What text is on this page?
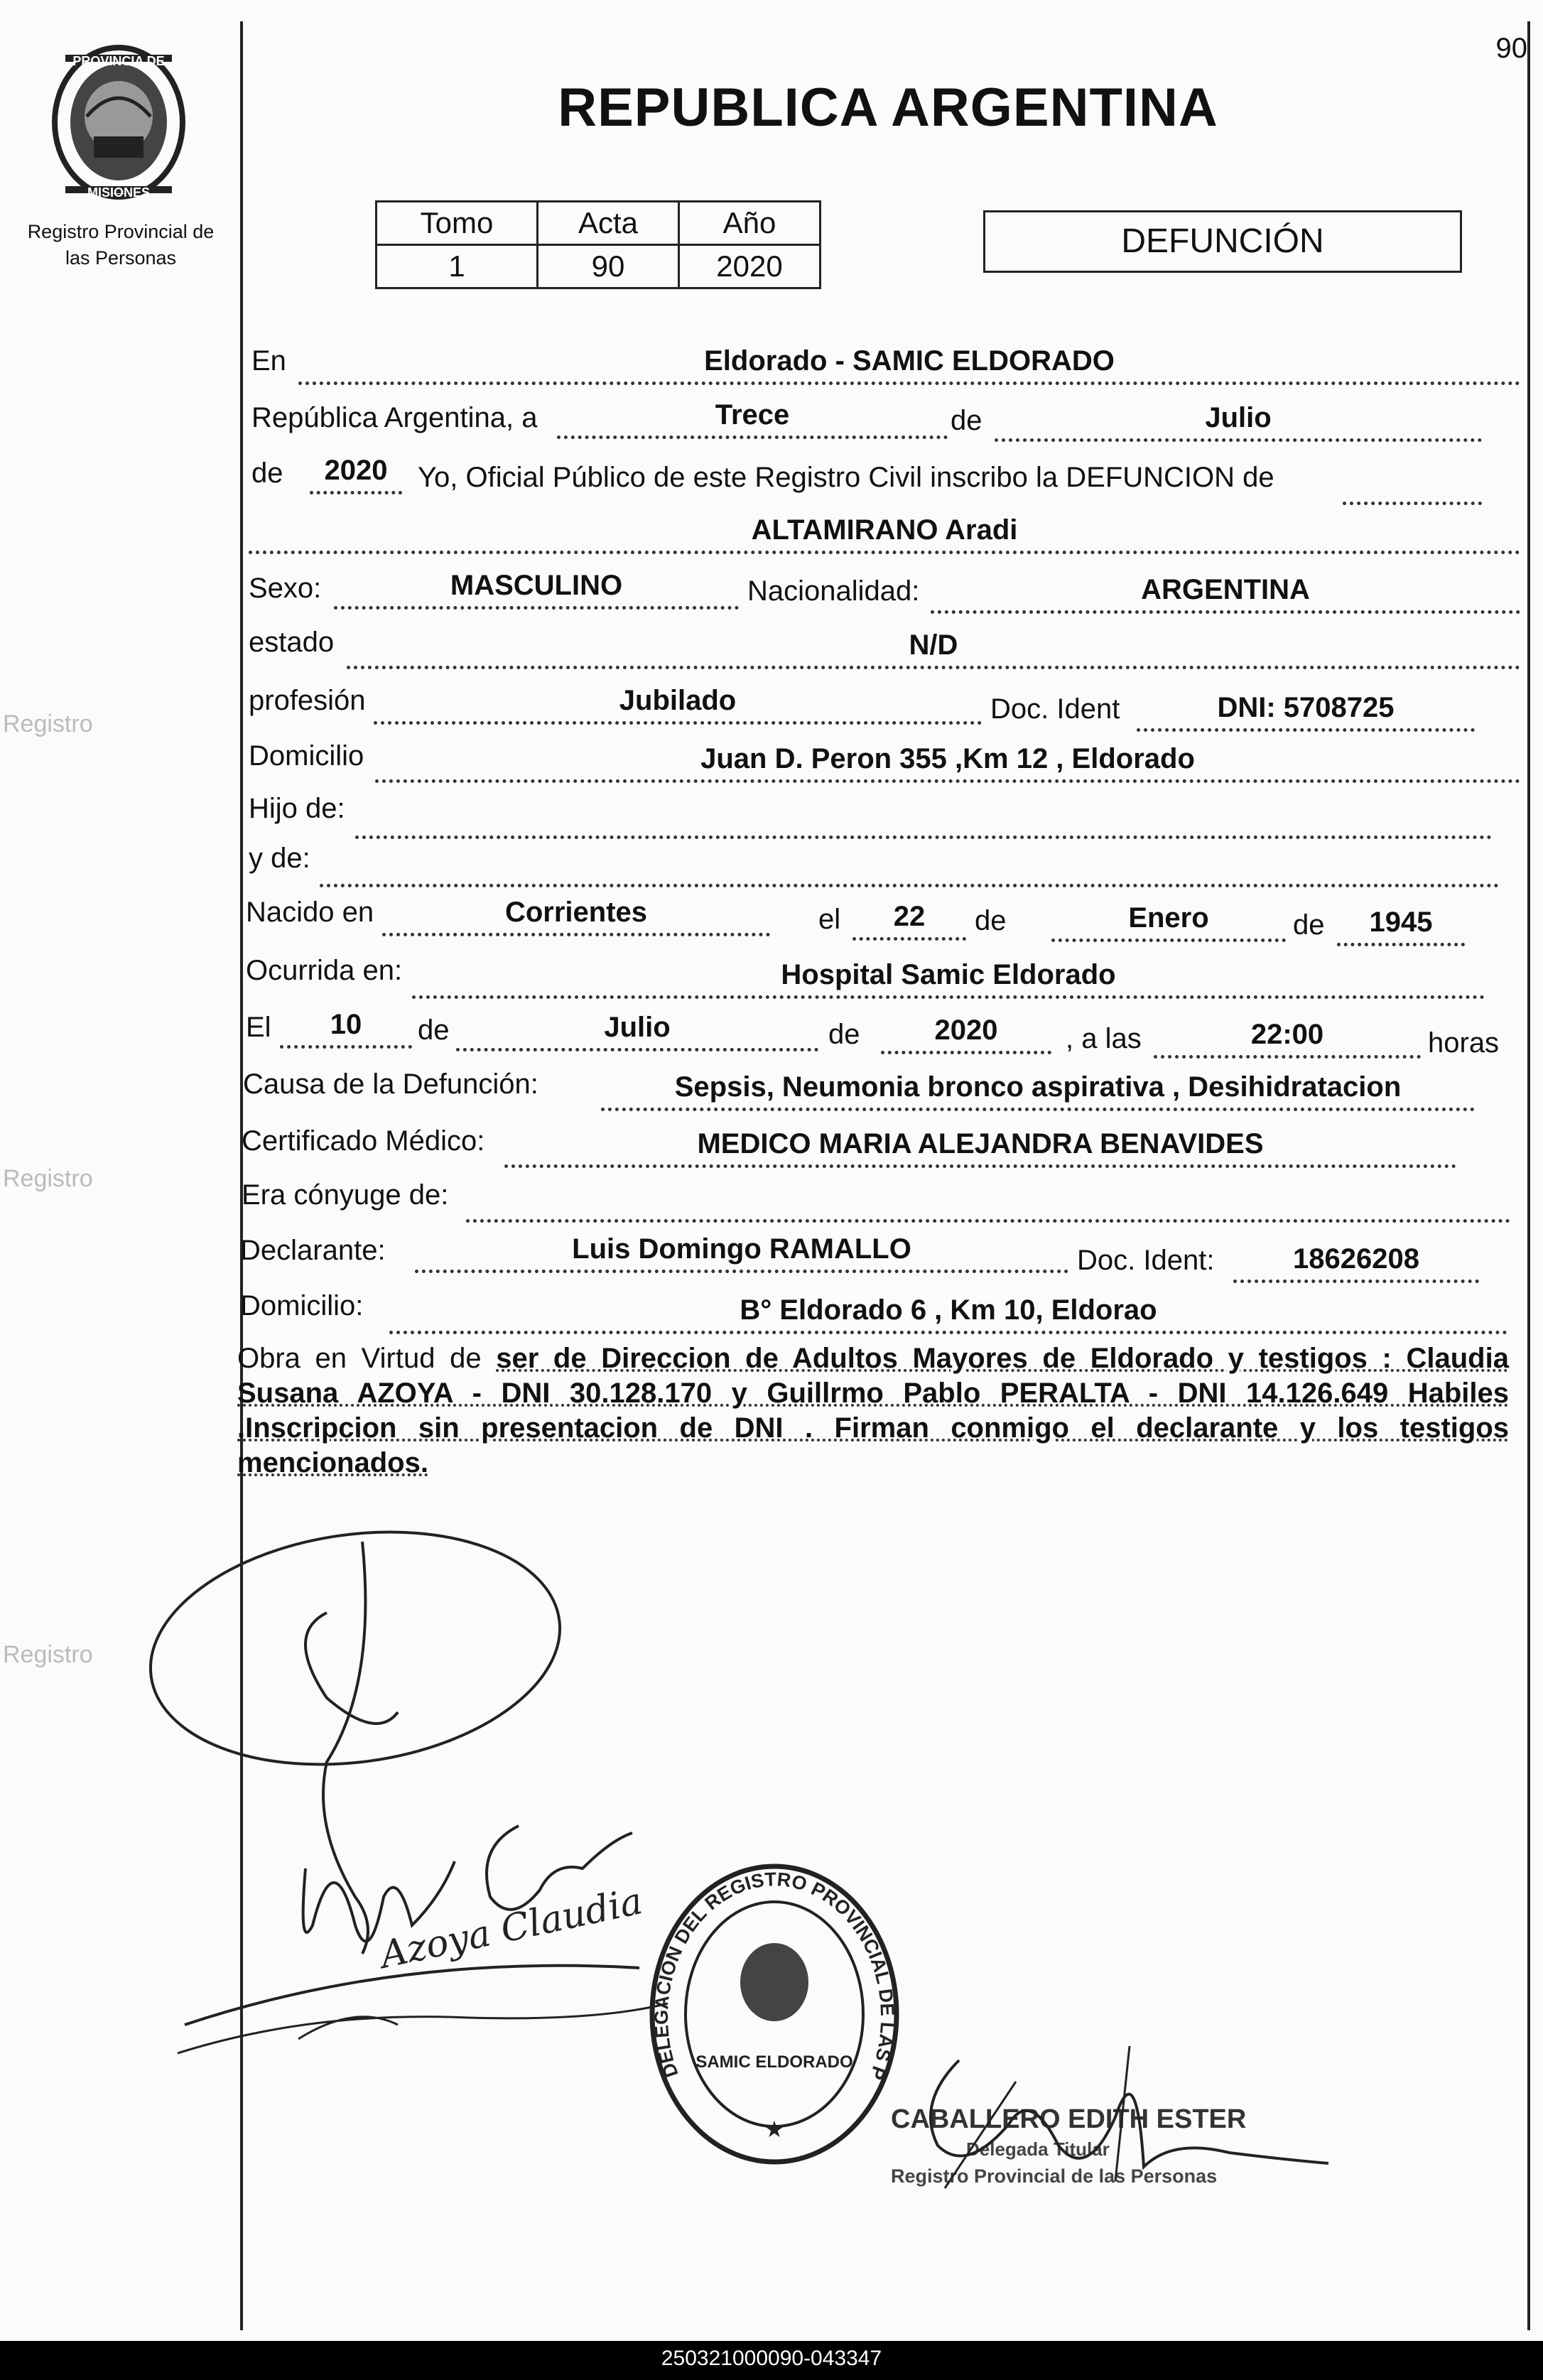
Registro
Registro
Registro
PROVINCIA DE
MISIONES
Registro Provincial de
las Personas
90
REPUBLICA ARGENTINA
Tomo	Acta	Año
1	90	2020
DEFUNCIÓN
En	Eldorado - SAMIC ELDORADO
República Argentina, a	Trece	de	Julio
de	2020	Yo, Oficial Público de este Registro Civil inscribo la DEFUNCION de
ALTAMIRANO Aradi
Sexo:	MASCULINO	Nacionalidad:	ARGENTINA
estado	N/D
profesión	Jubilado	Doc. Ident	DNI: 5708725
Domicilio	Juan D. Peron 355 ,Km 12 , Eldorado
Hijo de:
y de:
Nacido en	Corrientes	el	22	de	Enero	de	1945
Ocurrida en:	Hospital Samic Eldorado
El	10	de	Julio	de	2020	, a las	22:00	horas
Causa de la Defunción:	Sepsis, Neumonia bronco aspirativa , Desihidratacion
Certificado Médico:	MEDICO MARIA ALEJANDRA BENAVIDES
Era cónyuge de:
Declarante:	Luis Domingo RAMALLO	Doc. Ident:	18626208
Domicilio:	B° Eldorado 6 , Km 10, Eldorao
Obra en Virtud de ser de Direccion de Adultos Mayores de Eldorado y testigos : Claudia Susana AZOYA - DNI 30.128.170 y Guillrmo Pablo PERALTA - DNI 14.126.649 Habiles .Inscripcion sin presentacion de DNI . Firman conmigo el declarante y los testigos mencionados.
Azoya Claudia
DELEGACION DEL REGISTRO PROVINCIAL DE LAS PERSONAS
SAMIC ELDORADO
★	CABALLERO EDITH ESTER
Delegada Titular
Registro Provincial de las Personas
250321000090-043347
